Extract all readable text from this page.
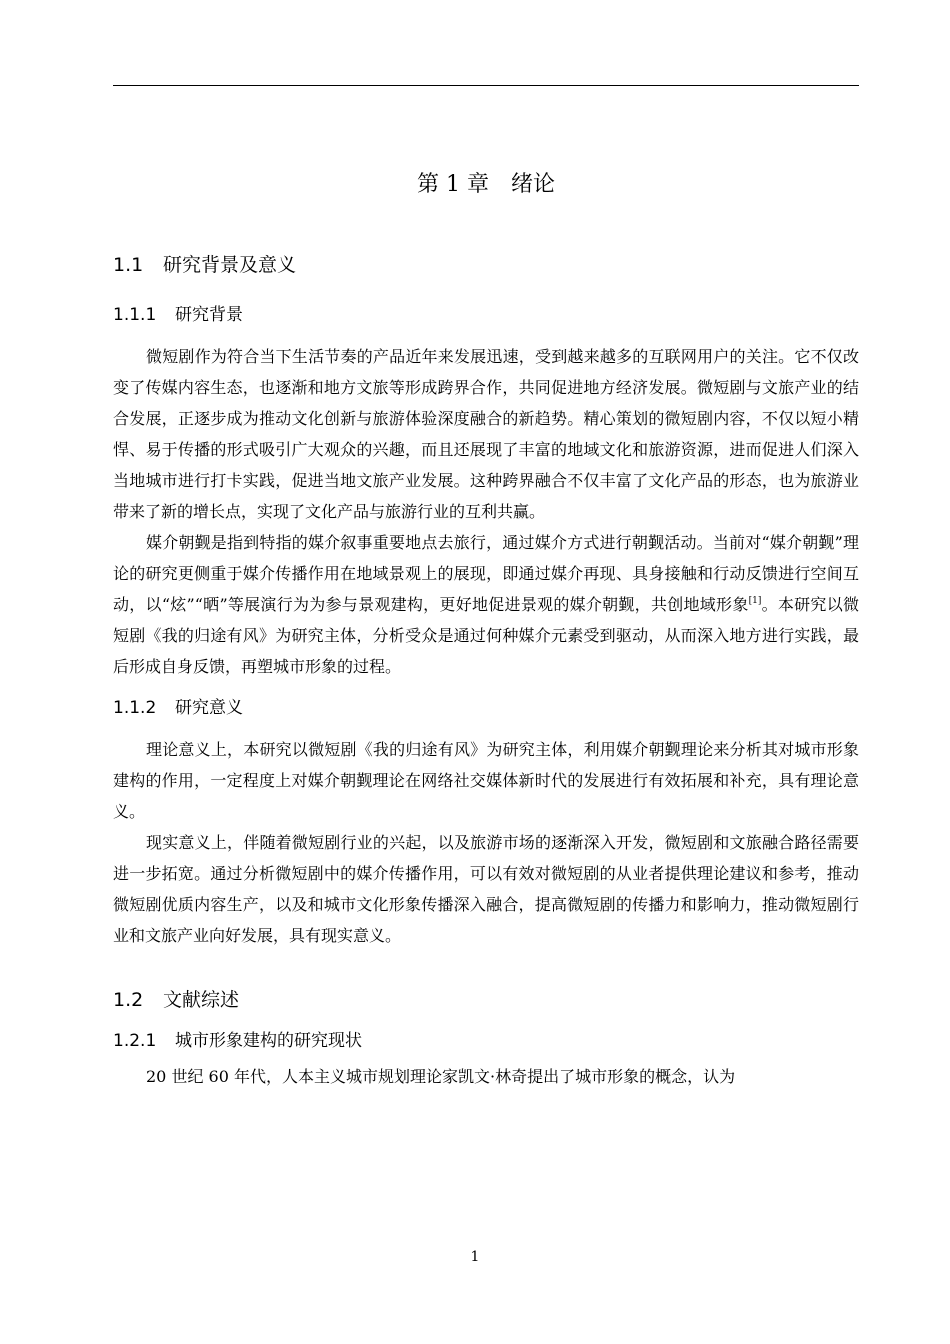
第 1 章 绪论
1.1 研究背景及意义
1.1.1 研究背景

微短剧作为符合当下生活节奏的产品近年来发展迅速，受到越来越多的互联网用户的关注。它不仅改变了传媒内容生态，也逐渐和地方文旅等形成跨界合作，共同促进地方经济发展。微短剧与文旅产业的结合发展，正逐步成为推动文化创新与旅游体验深度融合的新趋势。精心策划的微短剧内容，不仅以短小精悍、易于传播的形式吸引广大观众的兴趣，而且还展现了丰富的地域文化和旅游资源，进而促进人们深入当地城市进行打卡实践，促进当地文旅产业发展。这种跨界融合不仅丰富了文化产品的形态，也为旅游业带来了新的增长点，实现了文化产品与旅游行业的互利共赢。

媒介朝觐是指到特指的媒介叙事重要地点去旅行，通过媒介方式进行朝觐活动。当前对“媒介朝觐”理论的研究更侧重于媒介传播作用在地域景观上的展现，即通过媒介再现、具身接触和行动反馈进行空间互动，以“炫”“晒”等展演行为为参与景观建构，更好地促进景观的媒介朝觐，共创地域形象[1]。本研究以微短剧《我的归途有风》为研究主体，分析受众是通过何种媒介元素受到驱动，从而深入地方进行实践，最后形成自身反馈，再塑城市形象的过程。

1.1.2 研究意义

理论意义上，本研究以微短剧《我的归途有风》为研究主体，利用媒介朝觐理论来分析其对城市形象建构的作用，一定程度上对媒介朝觐理论在网络社交媒体新时代的发展进行有效拓展和补充，具有理论意义。

现实意义上，伴随着微短剧行业的兴起，以及旅游市场的逐渐深入开发，微短剧和文旅融合路径需要进一步拓宽。通过分析微短剧中的媒介传播作用，可以有效对微短剧的从业者提供理论建议和参考，推动微短剧优质内容生产，以及和城市文化形象传播深入融合，提高微短剧的传播力和影响力，推动微短剧行业和文旅产业向好发展，具有现实意义。

1.2 文献综述
1.2.1 城市形象建构的研究现状

20 世纪 60 年代，人本主义城市规划理论家凯文·林奇提出了城市形象的概念，认为

1
